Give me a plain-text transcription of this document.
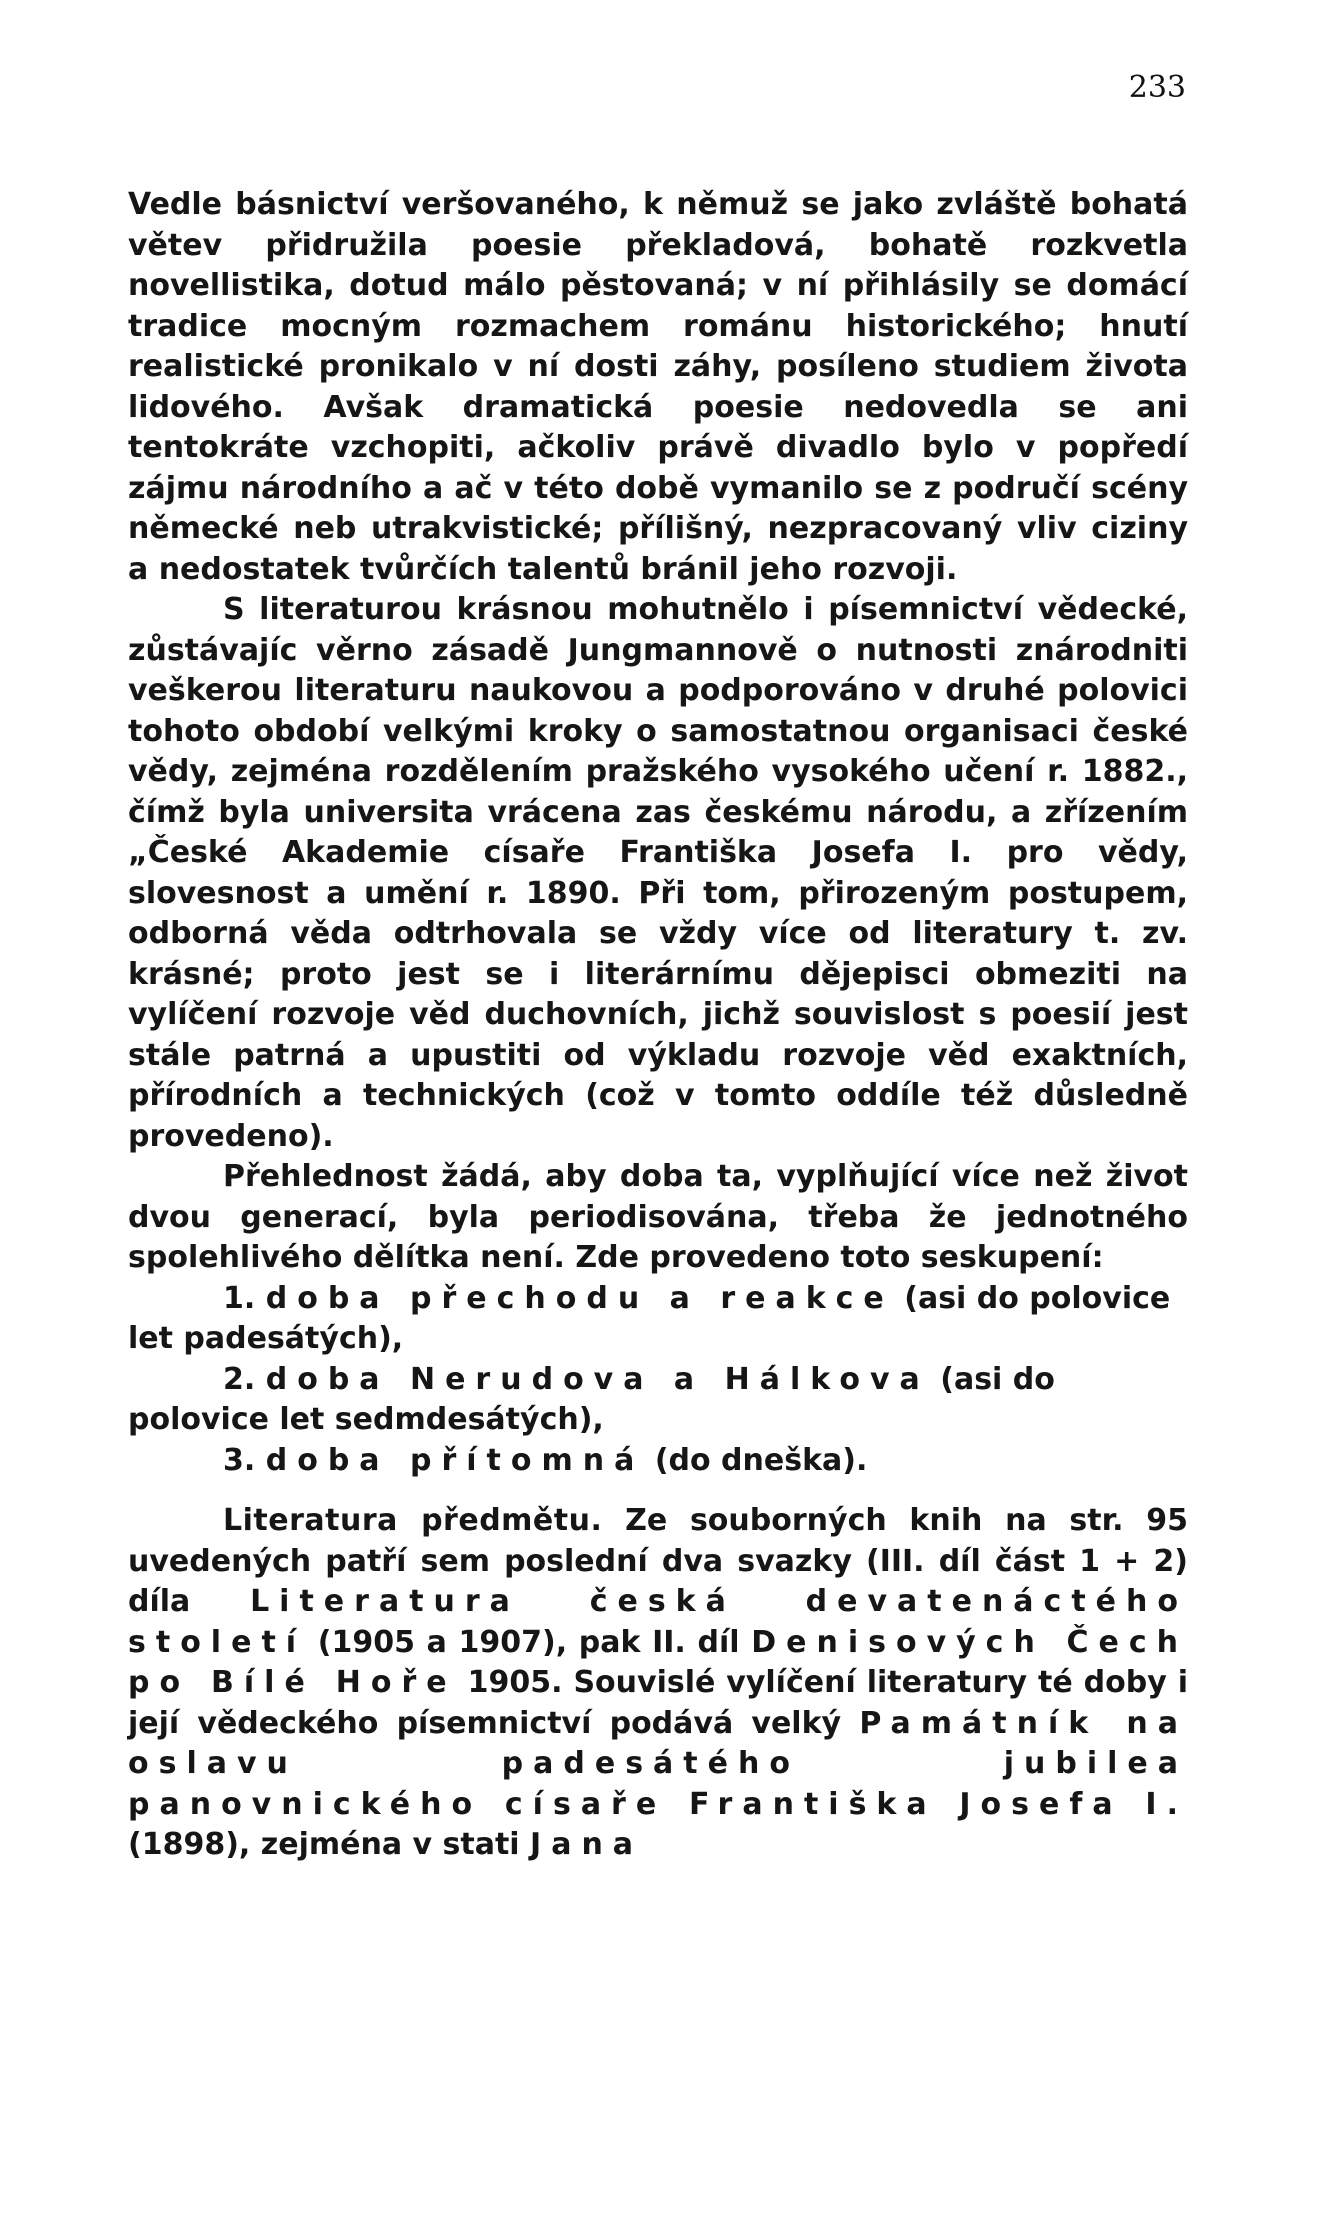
233

Vedle básnictví veršovaného, k němuž se jako zvláště bohatá větev přidružila poesie překladová, bohatě rozkvetla novellistika, dotud málo pěstovaná; v ní přihlásily se domácí tradice mocným rozmachem románu historického; hnutí realistické pronikalo v ní dosti záhy, posíleno studiem života lidového. Avšak dramatická poesie nedovedla se ani tentokráte vzchopiti, ačkoliv právě divadlo bylo v popředí zájmu národního a ač v této době vymanilo se z područí scény německé neb utrakvistické; přílišný, nezpracovaný vliv ciziny a nedostatek tvůrčích talentů bránil jeho rozvoji.

S literaturou krásnou mohutnělo i písemnictví vědecké, zůstávajíc věrno zásadě Jungmannově o nutnosti znárodniti veškerou literaturu naukovou a podporováno v druhé polovici tohoto období velkými kroky o samostatnou organisaci české vědy, zejména rozdělením pražského vysokého učení r. 1882., čímž byla universita vrácena zas českému národu, a zřízením „České Akademie císaře Františka Josefa I. pro vědy, slovesnost a umění r. 1890. Při tom, přirozeným postupem, odborná věda odtrhovala se vždy více od literatury t. zv. krásné; proto jest se i literárnímu dějepisci obmeziti na vylíčení rozvoje věd duchovních, jichž souvislost s poesií jest stále patrná a upustiti od výkladu rozvoje věd exaktních, přírodních a technických (což v tomto oddíle též důsledně provedeno).

Přehlednost žádá, aby doba ta, vyplňující více než život dvou generací, byla periodisována, třeba že jednotného spolehlivého dělítka není. Zde provedeno toto seskupení:

1. doba přechodu a reakce (asi do polovice let padesátých),

2. doba Nerudova a Hálkova (asi do polovice let sedmdesátých),

3. doba přítomná (do dneška).

Literatura předmětu. Ze souborných knih na str. 95 uvedených patří sem poslední dva svazky (III. díl část 1 + 2) díla Literatura česká devatenáctého století (1905 a 1907), pak II. díl Denisových Čech po Bílé Hoře 1905. Souvislé vylíčení literatury té doby i její vědeckého písemnictví podává velký Památník na oslavu padesátého jubilea panovnického císaře Františka Josefa I. (1898), zejména v stati Jana
